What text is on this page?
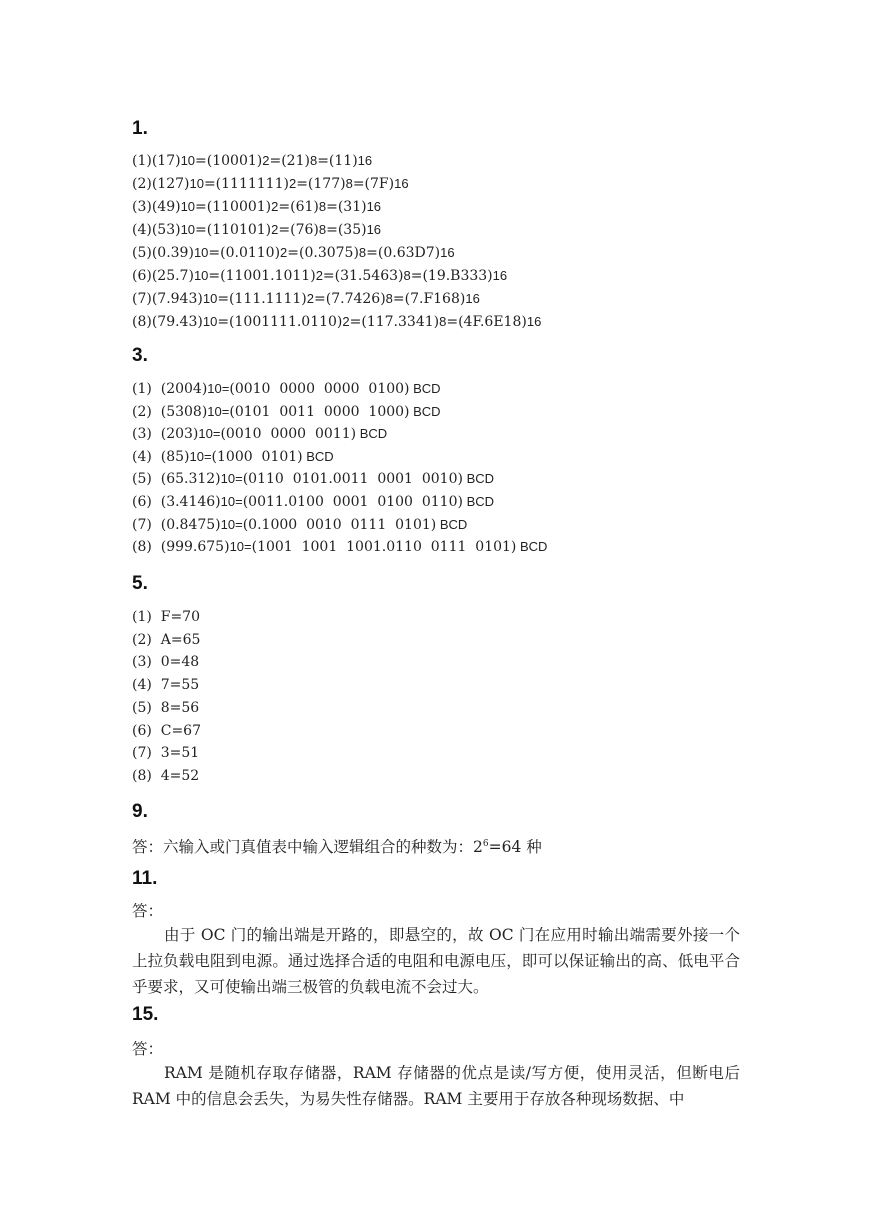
1.
(1)(17)10=(10001)2=(21)8=(11)16
(2)(127)10=(1111111)2=(177)8=(7F)16
(3)(49)10=(110001)2=(61)8=(31)16
(4)(53)10=(110101)2=(76)8=(35)16
(5)(0.39)10=(0.0110)2=(0.3075)8=(0.63D7)16
(6)(25.7)10=(11001.1011)2=(31.5463)8=(19.B333)16
(7)(7.943)10=(111.1111)2=(7.7426)8=(7.F168)16
(8)(79.43)10=(1001111.0110)2=(117.3341)8=(4F.6E18)16
3.
(1)  (2004)10=(0010  0000  0000  0100) BCD
(2)  (5308)10=(0101  0011  0000  1000) BCD
(3)  (203)10=(0010  0000  0011) BCD
(4)  (85)10=(1000  0101) BCD
(5)  (65.312)10=(0110  0101.0011  0001  0010) BCD
(6)  (3.4146)10=(0011.0100  0001  0100  0110) BCD
(7)  (0.8475)10=(0.1000  0010  0111  0101) BCD
(8)  (999.675)10=(1001  1001  1001.0110  0111  0101) BCD
5.
(1)  F=70
(2)  A=65
(3)  0=48
(4)  7=55
(5)  8=56
(6)  C=67
(7)  3=51
(8)  4=52
9.
答：六输入或门真值表中输入逻辑组合的种数为：$2^6=64$ 种
11.
答：
由于 OC 门的输出端是开路的，即悬空的，故 OC 门在应用时输出端需要外接一个上拉负载电阻到电源。通过选择合适的电阻和电源电压，即可以保证输出的高、低电平合乎要求，又可使输出端三极管的负载电流不会过大。
15.
答：
RAM 是随机存取存储器，RAM 存储器的优点是读/写方便，使用灵活，但断电后 RAM 中的信息会丢失，为易失性存储器。RAM 主要用于存放各种现场数据、中
